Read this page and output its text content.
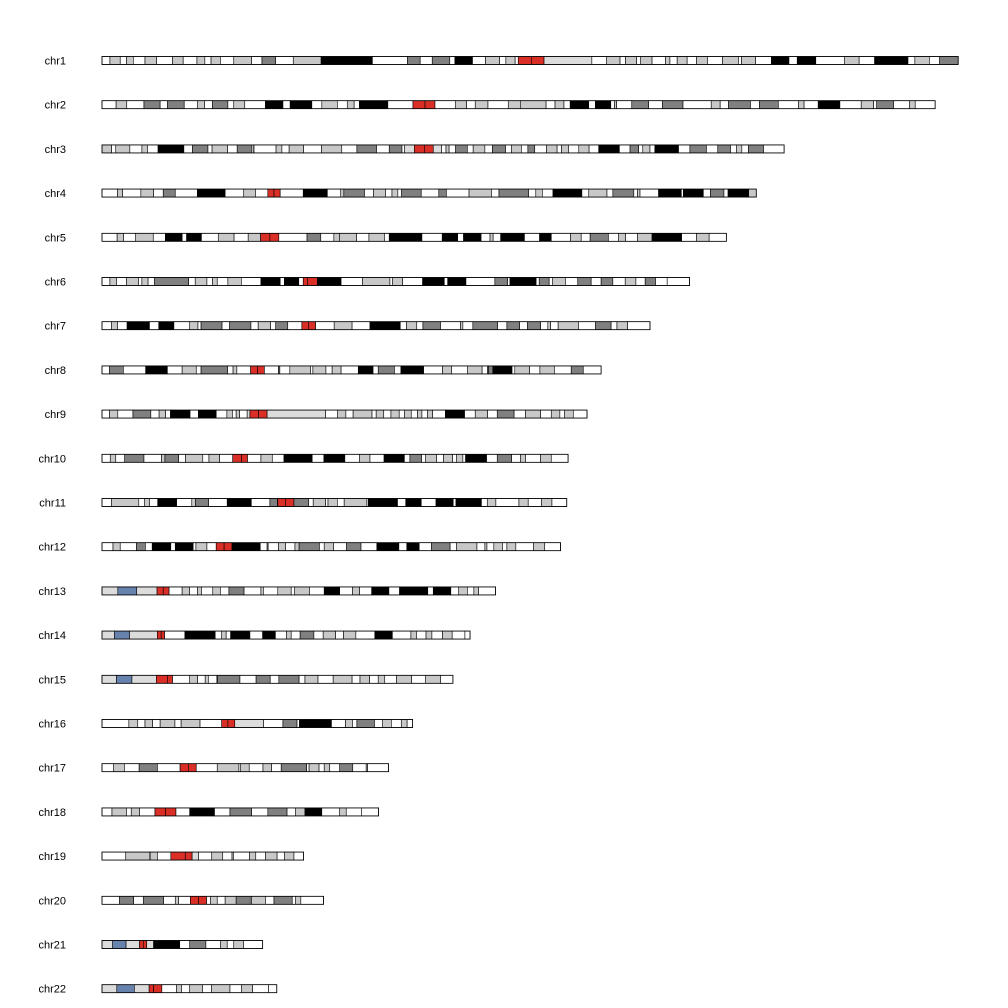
chr1
chr2
chr3
chr4
chr5
chr6
chr7
chr8
chr9
chr10
chr11
chr12
chr13
chr14
chr15
chr16
chr17
chr18
chr19
chr20
chr21
chr22
